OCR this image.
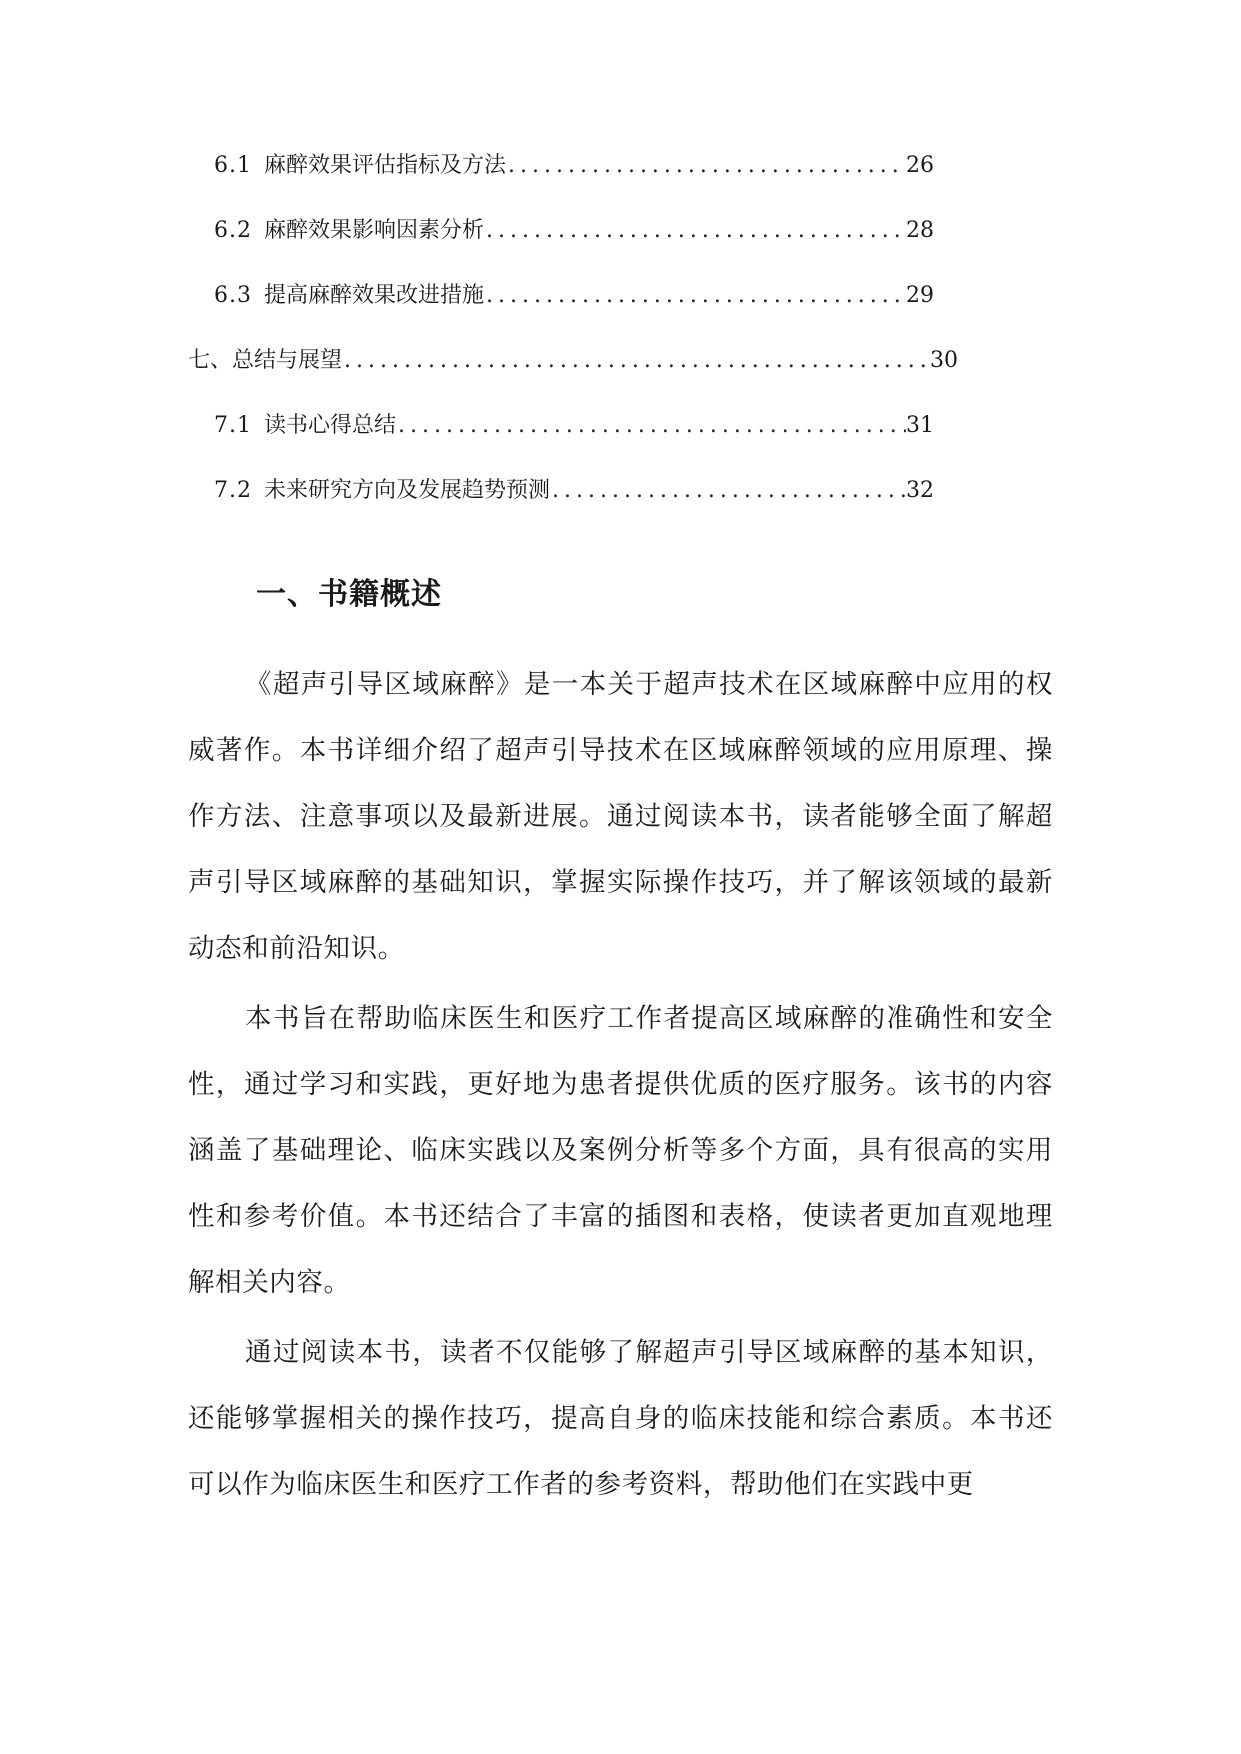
6.1 麻醉效果评估指标及方法 .....	26
6.2 麻醉效果影响因素分析 .....	28
6.3 提高麻醉效果改进措施 .....	29
七、 总结与展望 .....	30
7.1 读书心得总结 .....	31
7.2 未来研究方向及发展趋势预测 .....	32
一、书籍概述

《超声引导区域麻醉》是一本关于超声技术在区域麻醉中应用的权威著作。本书详细介绍了超声引导技术在区域麻醉领域的应用原理、操作方法、注意事项以及最新进展。通过阅读本书，读者能够全面了解超声引导区域麻醉的基础知识，掌握实际操作技巧，并了解该领域的最新动态和前沿知识。

本书旨在帮助临床医生和医疗工作者提高区域麻醉的准确性和安全性，通过学习和实践，更好地为患者提供优质的医疗服务。该书的内容涵盖了基础理论、临床实践以及案例分析等多个方面，具有很高的实用性和参考价值。本书还结合了丰富的插图和表格，使读者更加直观地理解相关内容。

通过阅读本书，读者不仅能够了解超声引导区域麻醉的基本知识，还能够掌握相关的操作技巧，提高自身的临床技能和综合素质。本书还可以作为临床医生和医疗工作者的参考资料，帮助他们在实践中更
